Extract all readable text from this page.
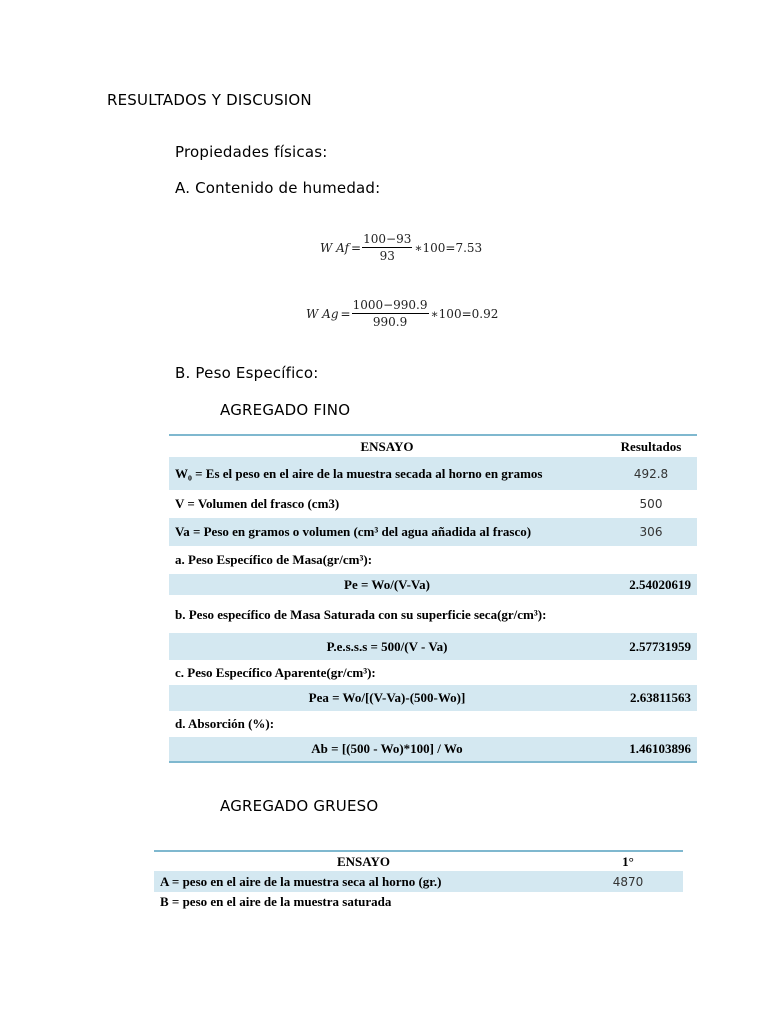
RESULTADOS Y DISCUSION
Propiedades físicas:
A. Contenido de humedad:
W $Af = \frac{100-93}{93}$ ∗100=7.53
W $Ag = \frac{1000-990.9}{990.9}$ ∗100=0.92
B. Peso Específico:
AGREGADO FINO
ENSAYO	Resultados
W₀ = Es el peso en el aire de la muestra secada al horno en gramos	492.8
V = Volumen del frasco (cm3)	500
Va = Peso en gramos o volumen (cm³ del agua añadida al frasco)	306
a. Peso Específico de Masa(gr/cm³):	
Pe = Wo/(V-Va)	2.54020619
b. Peso específico de Masa Saturada con su superficie seca(gr/cm³):	
P.e.s.s.s = 500/(V - Va)	2.57731959
c. Peso Específico Aparente(gr/cm³):	
Pea = Wo/[(V-Va)-(500-Wo)]	2.63811563
d. Absorción (%):	
Ab = [(500 - Wo)*100] / Wo	1.46103896
AGREGADO GRUESO
ENSAYO	1°
A = peso en el aire de la muestra seca al horno (gr.)	4870
B = peso en el aire de la muestra saturada	
